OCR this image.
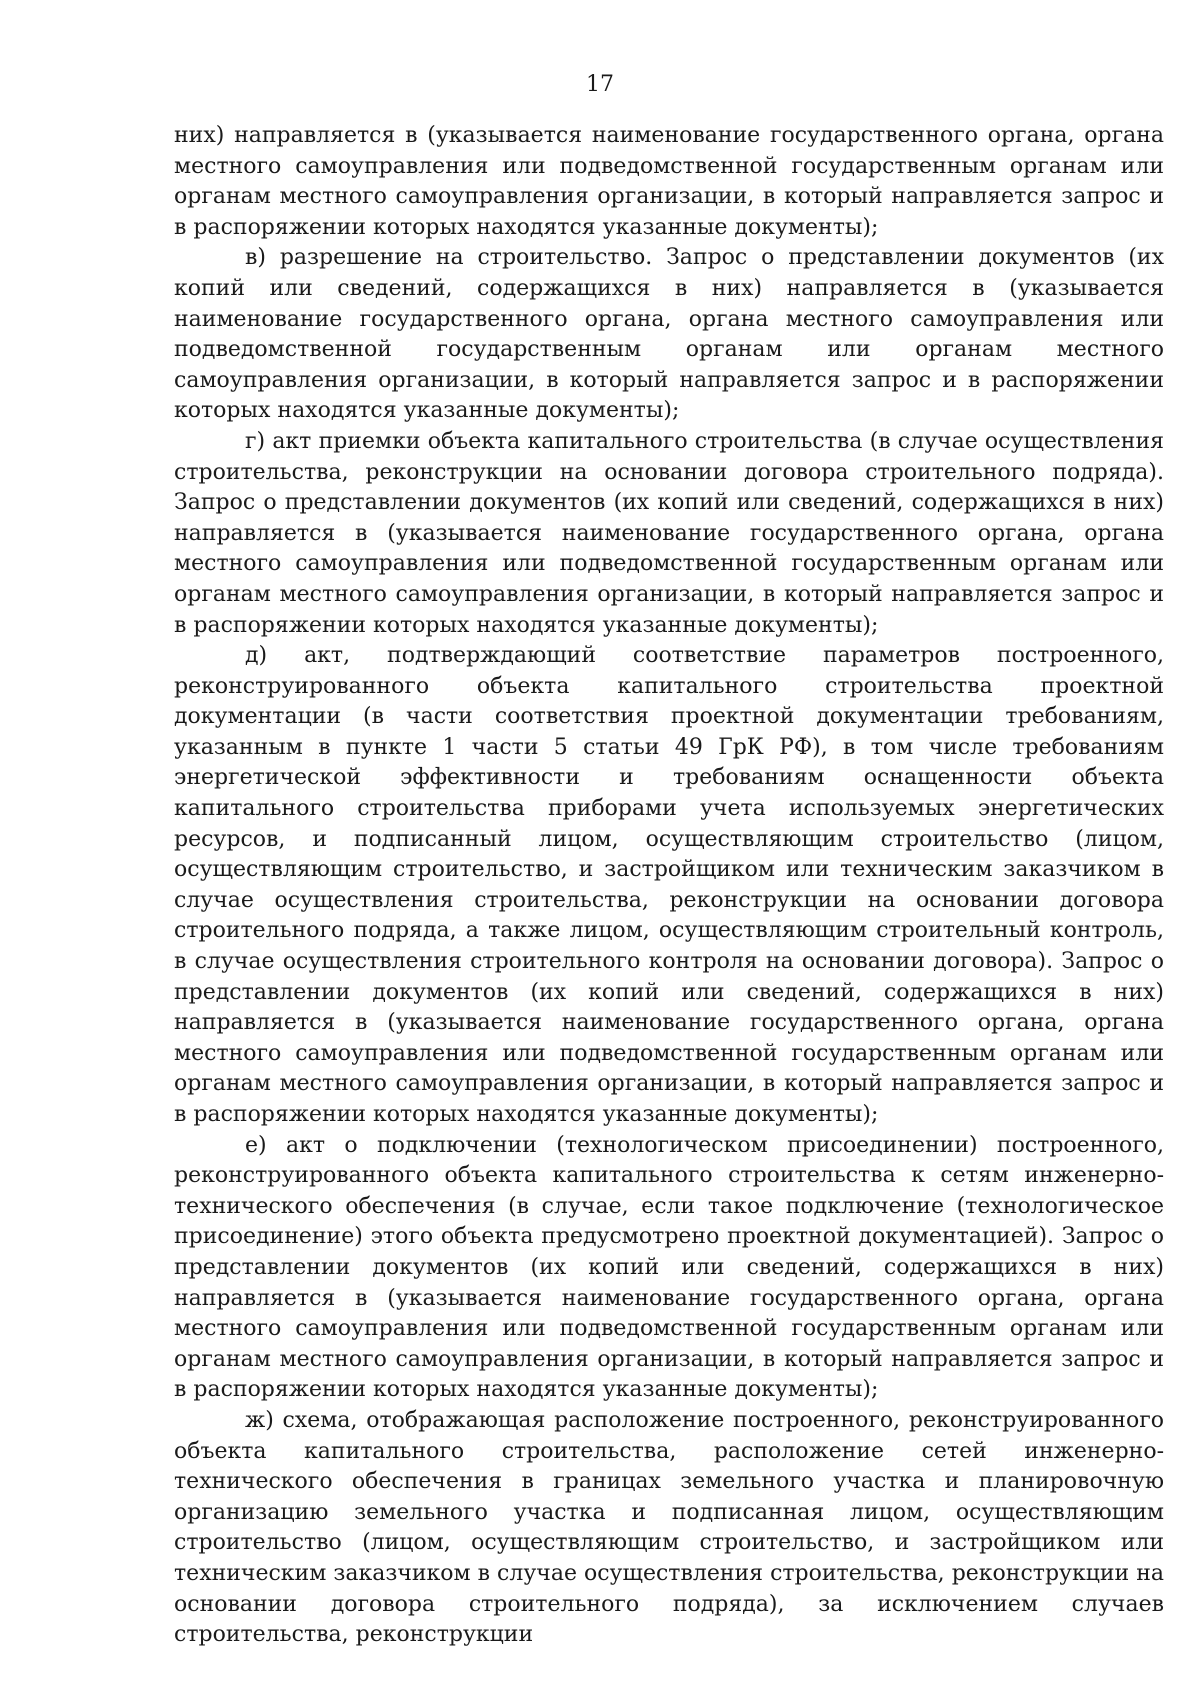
17

них) направляется в (указывается наименование государственного органа, органа местного самоуправления или подведомственной государственным органам или органам местного самоуправления организации, в который направляется запрос и в распоряжении которых находятся указанные документы);

в) разрешение на строительство. Запрос о представлении документов (их копий или сведений, содержащихся в них) направляется в (указывается наименование государственного органа, органа местного самоуправления или подведомственной государственным органам или органам местного самоуправления организации, в который направляется запрос и в распоряжении которых находятся указанные документы);

г) акт приемки объекта капитального строительства (в случае осуществления строительства, реконструкции на основании договора строительного подряда). Запрос о представлении документов (их копий или сведений, содержащихся в них) направляется в (указывается наименование государственного органа, органа местного самоуправления или подведомственной государственным органам или органам местного самоуправления организации, в который направляется запрос и в распоряжении которых находятся указанные документы);

д) акт, подтверждающий соответствие параметров построенного, реконструированного объекта капитального строительства проектной документации (в части соответствия проектной документации требованиям, указанным в пункте 1 части 5 статьи 49 ГрК РФ), в том числе требованиям энергетической эффективности и требованиям оснащенности объекта капитального строительства приборами учета используемых энергетических ресурсов, и подписанный лицом, осуществляющим строительство (лицом, осуществляющим строительство, и застройщиком или техническим заказчиком в случае осуществления строительства, реконструкции на основании договора строительного подряда, а также лицом, осуществляющим строительный контроль, в случае осуществления строительного контроля на основании договора). Запрос о представлении документов (их копий или сведений, содержащихся в них) направляется в (указывается наименование государственного органа, органа местного самоуправления или подведомственной государственным органам или органам местного самоуправления организации, в который направляется запрос и в распоряжении которых находятся указанные документы);

е) акт о подключении (технологическом присоединении) построенного, реконструированного объекта капитального строительства к сетям инженерно-технического обеспечения (в случае, если такое подключение (технологическое присоединение) этого объекта предусмотрено проектной документацией). Запрос о представлении документов (их копий или сведений, содержащихся в них) направляется в (указывается наименование государственного органа, органа местного самоуправления или подведомственной государственным органам или органам местного самоуправления организации, в который направляется запрос и в распоряжении которых находятся указанные документы);

ж) схема, отображающая расположение построенного, реконструированного объекта капитального строительства, расположение сетей инженерно-технического обеспечения в границах земельного участка и планировочную организацию земельного участка и подписанная лицом, осуществляющим строительство (лицом, осуществляющим строительство, и застройщиком или техническим заказчиком в случае осуществления строительства, реконструкции на основании договора строительного подряда), за исключением случаев строительства, реконструкции
